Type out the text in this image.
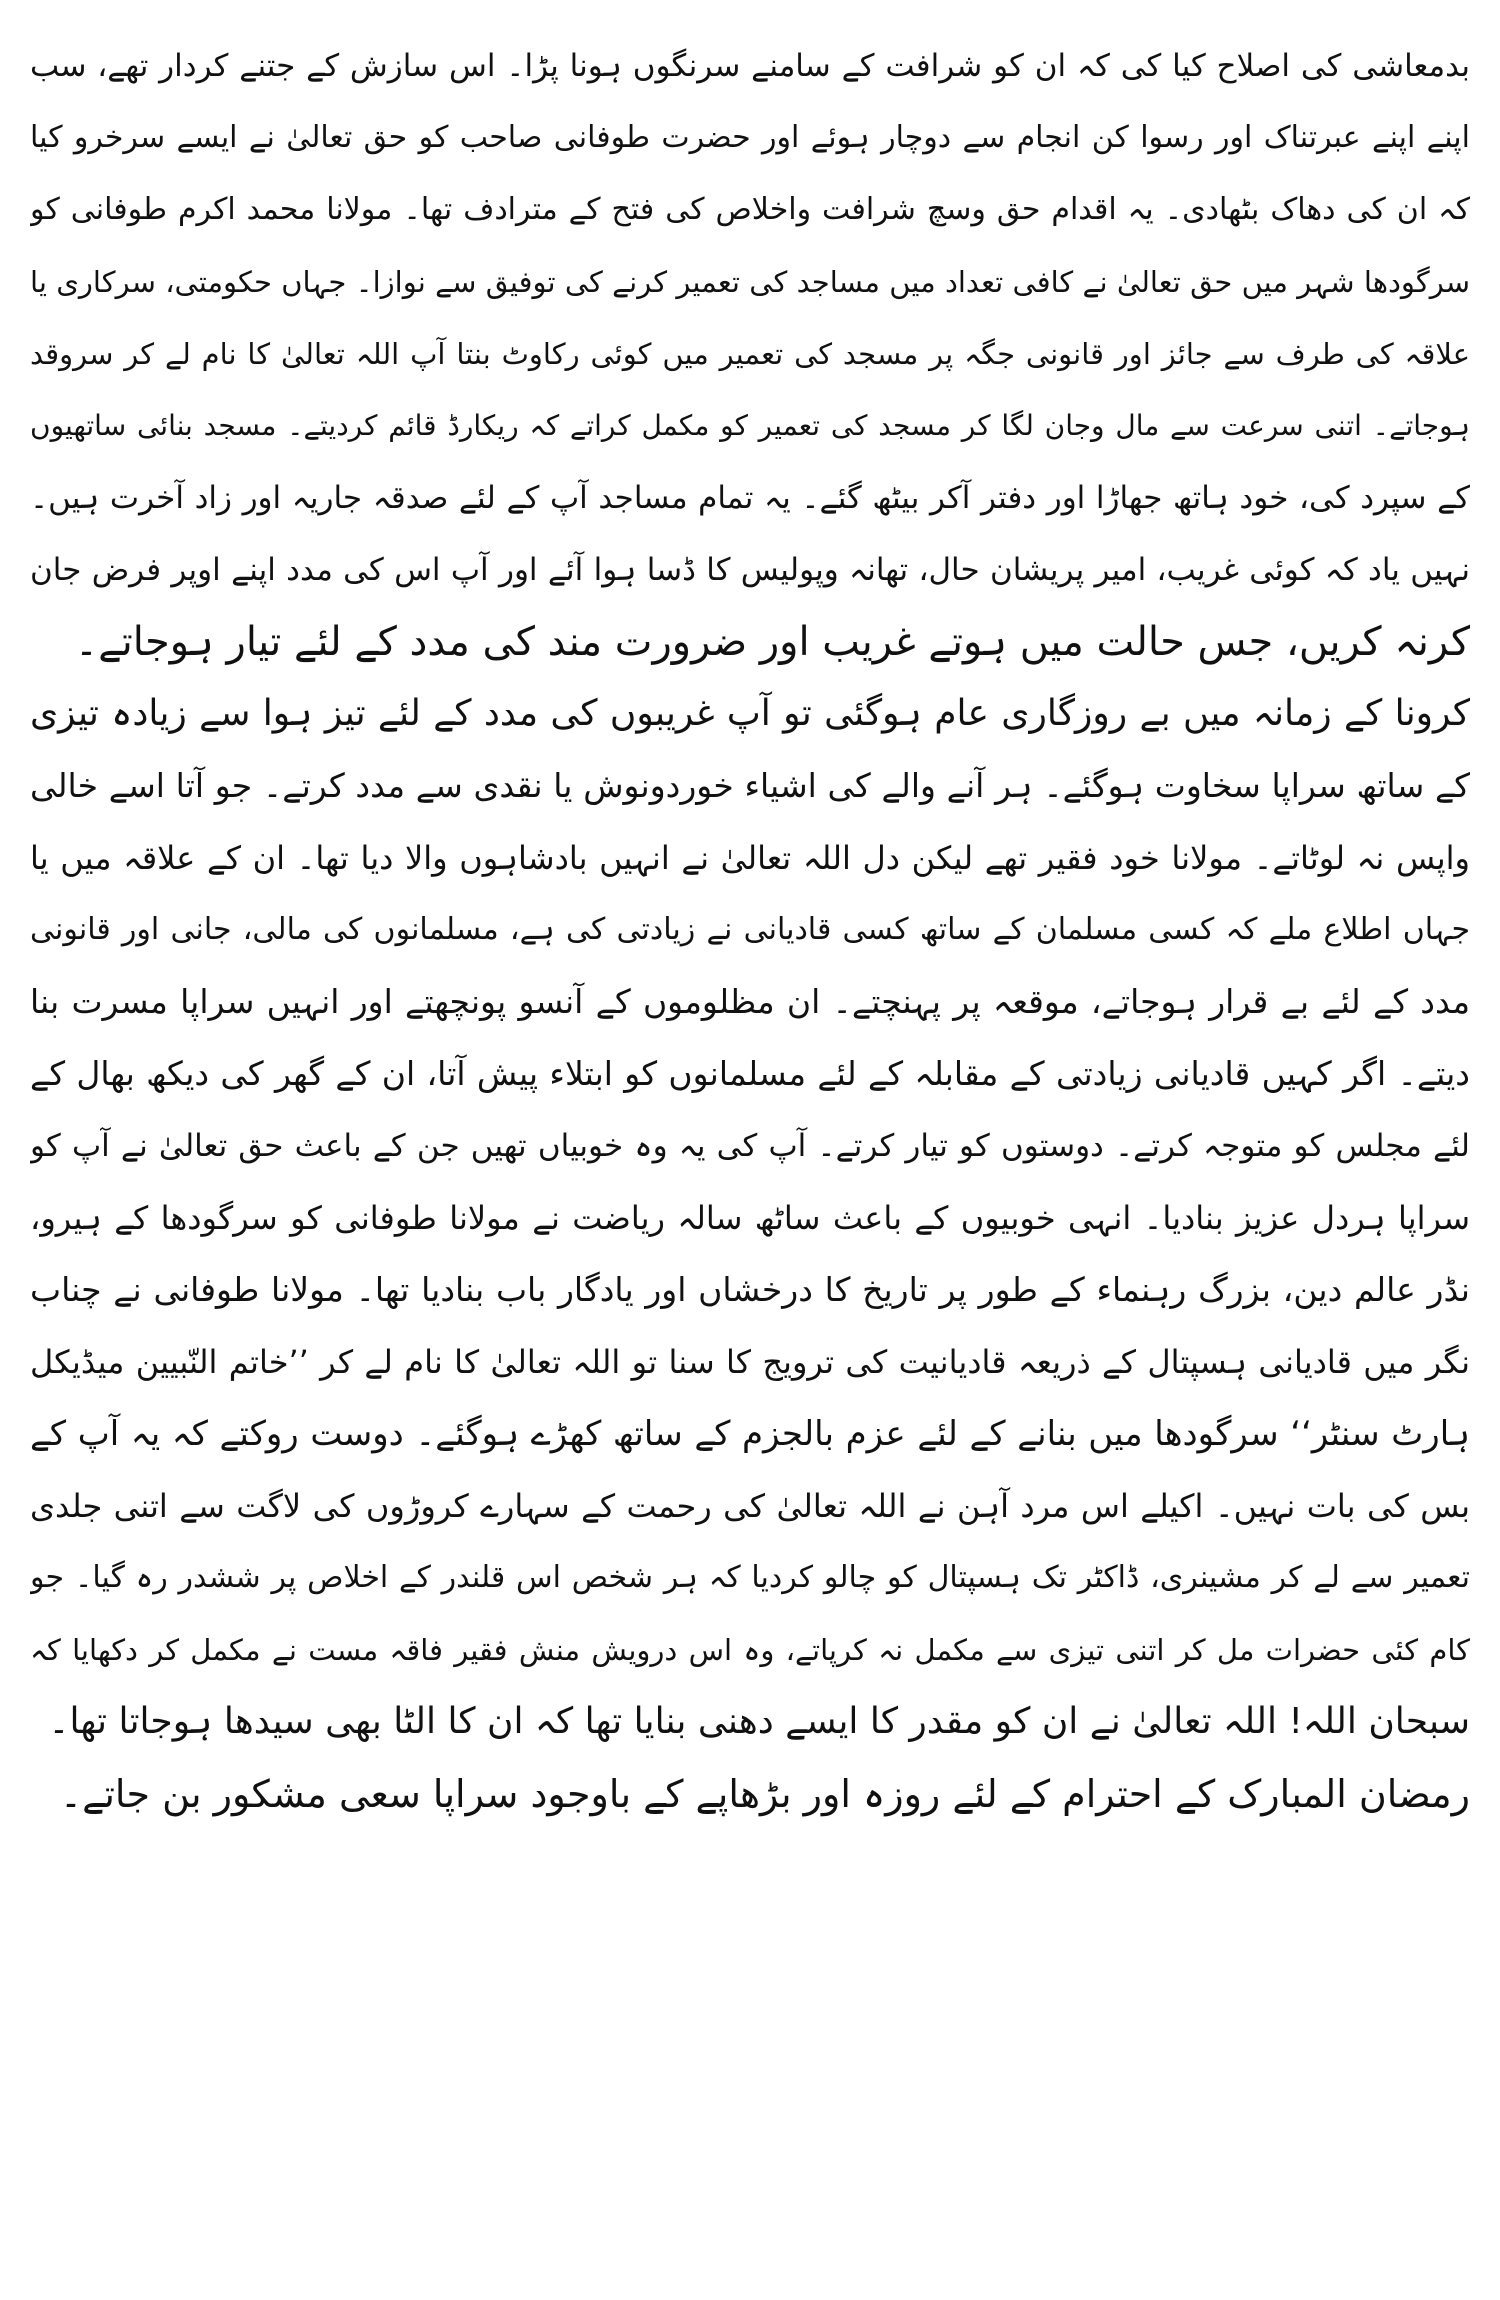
بدمعاشی کی اصلاح کیا کی کہ ان کو شرافت کے سامنے سرنگوں ہونا پڑا۔ اس سازش کے جتنے کردار تھے، سب
اپنے اپنے عبرتناک اور رسوا کن انجام سے دوچار ہوئے اور حضرت طوفانی صاحب کو حق تعالیٰ نے ایسے سرخرو کیا
کہ ان کی دھاک بٹھادی۔ یہ اقدام حق وسچ شرافت واخلاص کی فتح کے مترادف تھا۔ مولانا محمد اکرم طوفانی کو
سرگودھا شہر میں حق تعالیٰ نے کافی تعداد میں مساجد کی تعمیر کرنے کی توفیق سے نوازا۔ جہاں حکومتی، سرکاری یا
علاقہ کی طرف سے جائز اور قانونی جگہ پر مسجد کی تعمیر میں کوئی رکاوٹ بنتا آپ اللہ تعالیٰ کا نام لے کر سروقد
ہوجاتے۔ اتنی سرعت سے مال وجان لگا کر مسجد کی تعمیر کو مکمل کراتے کہ ریکارڈ قائم کردیتے۔ مسجد بنائی ساتھیوں
کے سپرد کی، خود ہاتھ جھاڑا اور دفتر آکر بیٹھ گئے۔ یہ تمام مساجد آپ کے لئے صدقہ جاریہ اور زاد آخرت ہیں۔
نہیں یاد کہ کوئی غریب، امیر پریشان حال، تھانہ وپولیس کا ڈسا ہوا آئے اور آپ اس کی مدد اپنے اوپر فرض جان
کرنہ کریں، جس حالت میں ہوتے غریب اور ضرورت مند کی مدد کے لئے تیار ہوجاتے۔
کرونا کے زمانہ میں بے روزگاری عام ہوگئی تو آپ غریبوں کی مدد کے لئے تیز ہوا سے زیادہ تیزی
کے ساتھ سراپا سخاوت ہوگئے۔ ہر آنے والے کی اشیاء خوردونوش یا نقدی سے مدد کرتے۔ جو آتا اسے خالی
واپس نہ لوٹاتے۔ مولانا خود فقیر تھے لیکن دل اللہ تعالیٰ نے انہیں بادشاہوں والا دیا تھا۔ ان کے علاقہ میں یا
جہاں اطلاع ملے کہ کسی مسلمان کے ساتھ کسی قادیانی نے زیادتی کی ہے، مسلمانوں کی مالی، جانی اور قانونی
مدد کے لئے بے قرار ہوجاتے، موقعہ پر پہنچتے۔ ان مظلوموں کے آنسو پونچھتے اور انہیں سراپا مسرت بنا
دیتے۔ اگر کہیں قادیانی زیادتی کے مقابلہ کے لئے مسلمانوں کو ابتلاء پیش آتا، ان کے گھر کی دیکھ بھال کے
لئے مجلس کو متوجہ کرتے۔ دوستوں کو تیار کرتے۔ آپ کی یہ وہ خوبیاں تھیں جن کے باعث حق تعالیٰ نے آپ کو
سراپا ہردل عزیز بنادیا۔ انہی خوبیوں کے باعث ساٹھ سالہ ریاضت نے مولانا طوفانی کو سرگودھا کے ہیرو،
نڈر عالم دین، بزرگ رہنماء کے طور پر تاریخ کا درخشاں اور یادگار باب بنادیا تھا۔ مولانا طوفانی نے چناب
نگر میں قادیانی ہسپتال کے ذریعہ قادیانیت کی ترویج کا سنا تو اللہ تعالیٰ کا نام لے کر ’’خاتم النّبیین میڈیکل
ہارٹ سنٹر‘‘ سرگودھا میں بنانے کے لئے عزم بالجزم کے ساتھ کھڑے ہوگئے۔ دوست روکتے کہ یہ آپ کے
بس کی بات نہیں۔ اکیلے اس مرد آہن نے اللہ تعالیٰ کی رحمت کے سہارے کروڑوں کی لاگت سے اتنی جلدی
تعمیر سے لے کر مشینری، ڈاکٹر تک ہسپتال کو چالو کردیا کہ ہر شخص اس قلندر کے اخلاص پر ششدر رہ گیا۔ جو
کام کئی حضرات مل کر اتنی تیزی سے مکمل نہ کرپاتے، وہ اس درویش منش فقیر فاقہ مست نے مکمل کر دکھایا کہ
سبحان اللہ! اللہ تعالیٰ نے ان کو مقدر کا ایسے دھنی بنایا تھا کہ ان کا الٹا بھی سیدھا ہوجاتا تھا۔
رمضان المبارک کے احترام کے لئے روزہ اور بڑھاپے کے باوجود سراپا سعی مشکور بن جاتے۔
